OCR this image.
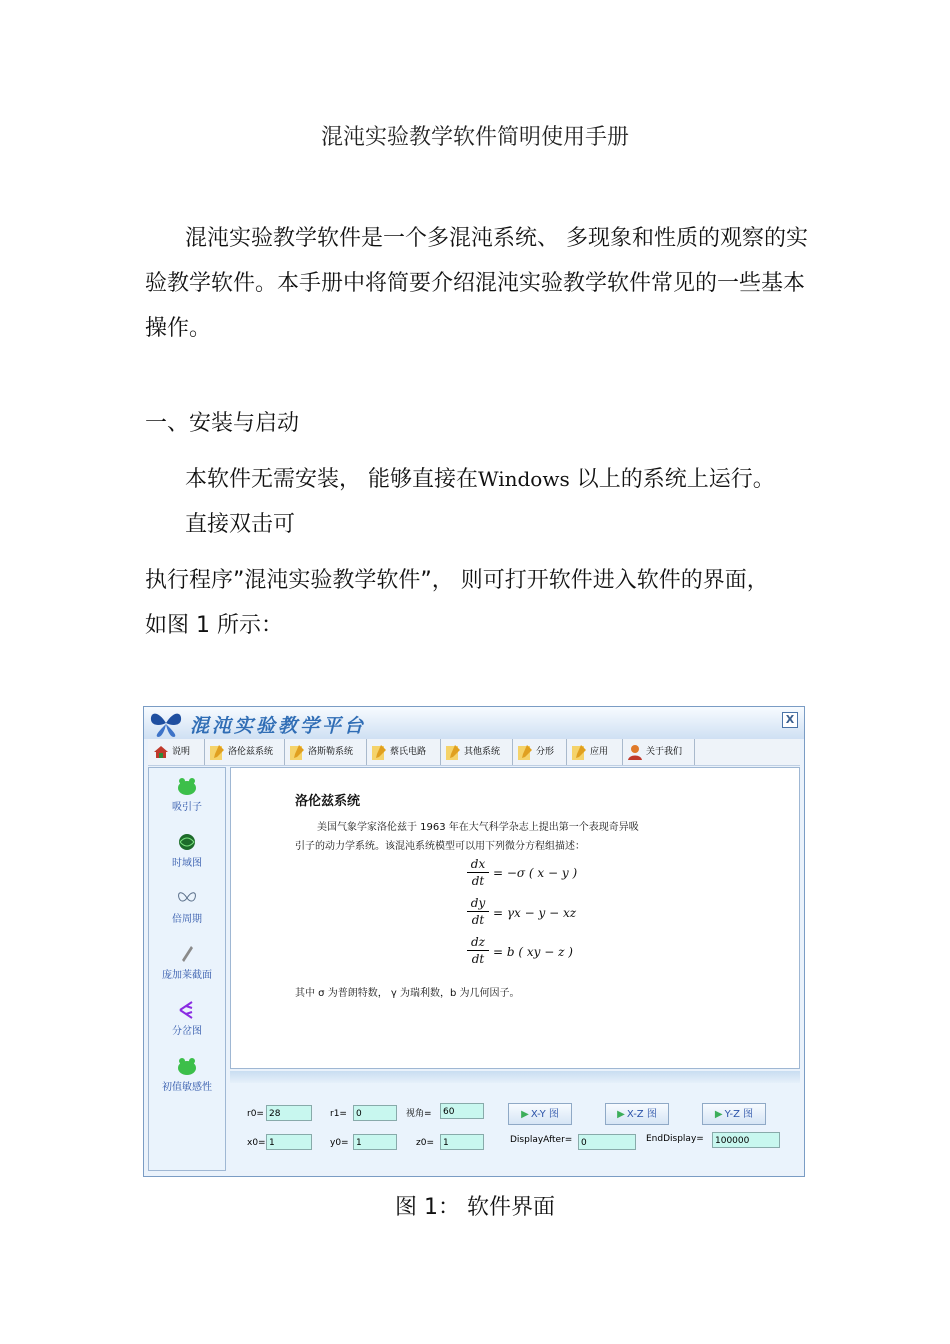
混沌实验教学软件简明使用手册
混沌实验教学软件是一个多混沌系统、 多现象和性质的观察的实验教学软件。本手册中将简要介绍混沌实验教学软件常见的一些基本操作。
一、安装与启动
本软件无需安装， 能够直接在Windows 以上的系统上运行。
直接双击可
执行程序”混沌实验教学软件”， 则可打开软件进入软件的界面，
如图 1 所示：
混沌实验教学平台	X
说明	洛伦兹系统	洛斯勒系统	蔡氏电路	其他系统	分形	应用	关于我们
吸引子
时域图
倍周期
庞加莱截面
分岔图
初值敏感性
洛伦兹系统
美国气象学家洛伦兹于 1963 年在大气科学杂志上提出第一个表现奇异吸
引子的动力学系统。该混沌系统模型可以用下列微分方程组描述：
dx
dt
= −σ ( x − y )
dy
dt = γx − y − xz
dz
dt = b ( xy − z )
其中 σ 为普朗特数， γ 为瑞利数，b 为几何因子。
r0= 28	r1=	0	视角=	60	▶ X-Y 图	▶ X-Z 图	▶ Y-Z 图
x0= 1	y0= 1	z0=	1	DisplayAfter= 0	EndDisplay=	100000
图 1： 软件界面
